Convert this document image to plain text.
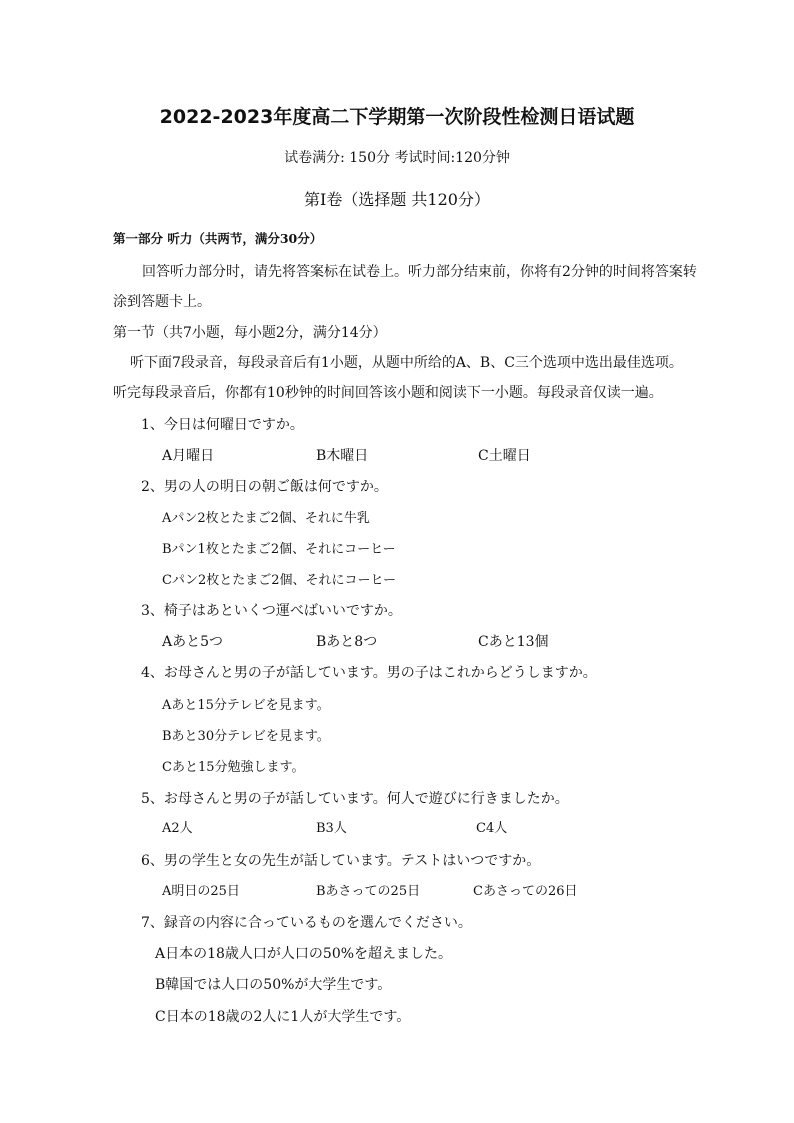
2022-2023年度高二下学期第一次阶段性检测日语试题
试卷满分: 150分 考试时间:120分钟
第Ⅰ卷（选择题 共120分）
第一部分 听力（共两节，满分30分）
回答听力部分时，请先将答案标在试卷上。听力部分结束前，你将有2分钟的时间将答案转
涂到答题卡上。
第一节（共7小题，每小题2分，满分14分）
听下面7段录音，每段录音后有1小题，从题中所给的A、B、C三个选项中选出最佳选项。
听完每段录音后，你都有10秒钟的时间回答该小题和阅读下一小题。每段录音仅读一遍。
1、今日は何曜日ですか。
A月曜日	B木曜日	C土曜日
2、男の人の明日の朝ご飯は何ですか。
Aパン2枚とたまご2個、それに牛乳
Bパン1枚とたまご2個、それにコーヒー
Cパン2枚とたまご2個、それにコーヒー
3、椅子はあといくつ運べばいいですか。
Aあと5つ	Bあと8つ	Cあと13個
4、お母さんと男の子が話しています。男の子はこれからどうしますか。
Aあと15分テレビを見ます。
Bあと30分テレビを見ます。
Cあと15分勉強します。
5、お母さんと男の子が話しています。何人で遊びに行きましたか。
A2人	B3人	C4人
6、男の学生と女の先生が話しています。テストはいつですか。
A明日の25日	Bあさっての25日	Cあさっての26日
7、録音の内容に合っているものを選んでください。
A日本の18歳人口が人口の50%を超えました。
B韓国では人口の50%が大学生です。
C日本の18歳の2人に1人が大学生です。
